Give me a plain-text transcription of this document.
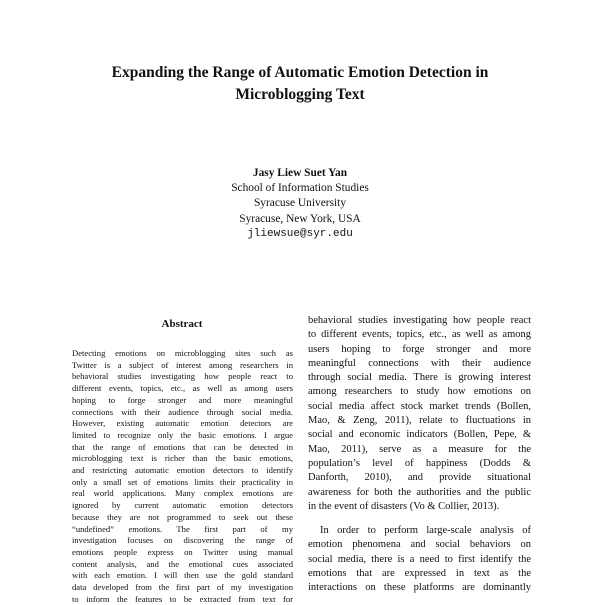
Expanding the Range of Automatic Emotion Detection in
Microblogging Text
Jasy Liew Suet Yan
School of Information Studies
Syracuse University
Syracuse, New York, USA
jliewsue@syr.edu
Abstract
Detecting emotions on microblogging sites such as
Twitter is a subject of interest among researchers in
behavioral studies investigating how people react to
different events, topics, etc., as well as among users
hoping to forge stronger and more meaningful
connections with their audience through social media.
However, existing automatic emotion detectors are
limited to recognize only the basic emotions. I argue
that the range of emotions that can be detected in
microblogging text is richer than the basic emotions,
and restricting automatic emotion detectors to identify
only a small set of emotions limits their practicality in
real world applications. Many complex emotions are
ignored by current automatic emotion detectors
because they are not programmed to seek out these
“undefined” emotions. The first part of my
investigation focuses on discovering the range of
emotions people express on Twitter using manual
content analysis, and the emotional cues associated
with each emotion. I will then use the gold standard
data developed from the first part of my investigation
to inform the features to be extracted from text for
behavioral studies investigating how people react
to different events, topics, etc., as well as among
users hoping to forge stronger and more
meaningful connections with their audience
through social media. There is growing interest
among researchers to study how emotions on
social media affect stock market trends (Bollen,
Mao, & Zeng, 2011), relate to fluctuations in
social and economic indicators (Bollen, Pepe, &
Mao, 2011), serve as a measure for the
population’s level of happiness (Dodds &
Danforth, 2010), and provide situational
awareness for both the authorities and the public
in the event of disasters (Vo & Collier, 2013).
In order to perform large-scale analysis of
emotion phenomena and social behaviors on
social media, there is a need to first identify the
emotions that are expressed in text as the
interactions on these platforms are dominantly
